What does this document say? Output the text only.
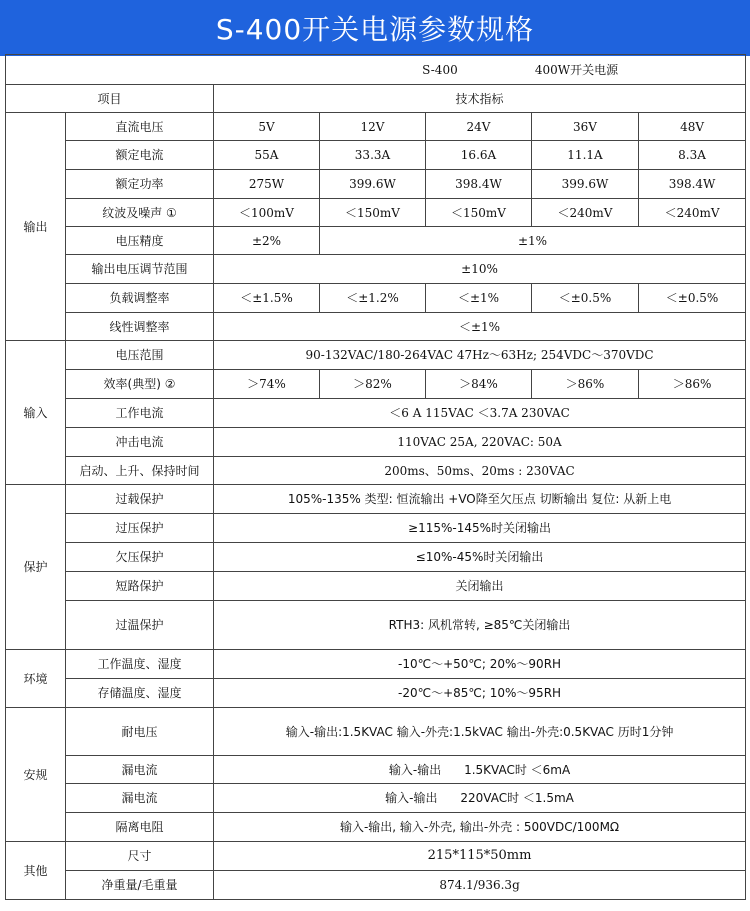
S-400开关电源参数规格
S-400 400W开关电源						
项目		技术指标				
输出	直流电压	5V	12V	24V	36V	48V
	额定电流	55A	33.3A	16.6A	11.1A	8.3A
	额定功率	275W	399.6W	398.4W	399.6W	398.4W
	纹波及噪声 ①	＜100mV	＜150mV	＜150mV	＜240mV	＜240mV
	电压精度	±2%	±1%			
	输出电压调节范围	±10%				
	负载调整率	＜±1.5%	＜±1.2%	＜±1%	＜±0.5%	＜±0.5%
	线性调整率	＜±1%				
输入	电压范围	90-132VAC/180-264VAC 47Hz～63Hz; 254VDC～370VDC				
	效率(典型) ②	＞74%	＞82%	＞84%	＞86%	＞86%
	工作电流	＜6 A 115VAC ＜3.7A 230VAC				
	冲击电流	110VAC 25A, 220VAC: 50A				
	启动、上升、保持时间	200ms、50ms、20ms : 230VAC				
保护	过载保护	105%-135% 类型: 恒流输出 +VO降至欠压点 切断输出 复位: 从新上电				
	过压保护	≥115%-145%时关闭输出				
	欠压保护	≤10%-45%时关闭输出				
	短路保护	关闭输出				
	过温保护	RTH3: 风机常转, ≥85℃关闭输出				
环境	工作温度、湿度	-10℃～+50℃; 20%～90RH				
	存储温度、湿度	-20℃～+85℃; 10%～95RH				
安规	耐电压	输入-输出:1.5KVAC 输入-外壳:1.5kVAC 输出-外壳:0.5KVAC 历时1分钟				
	漏电流	输入-输出      1.5KVAC时 ＜6mA				
	漏电流	输入-输出      220VAC时 ＜1.5mA				
	隔离电阻	输入-输出, 输入-外壳, 输出-外壳 : 500VDC/100MΩ				
其他	尺寸	215*115*50mm				
	净重量/毛重量	874.1/936.3g				
